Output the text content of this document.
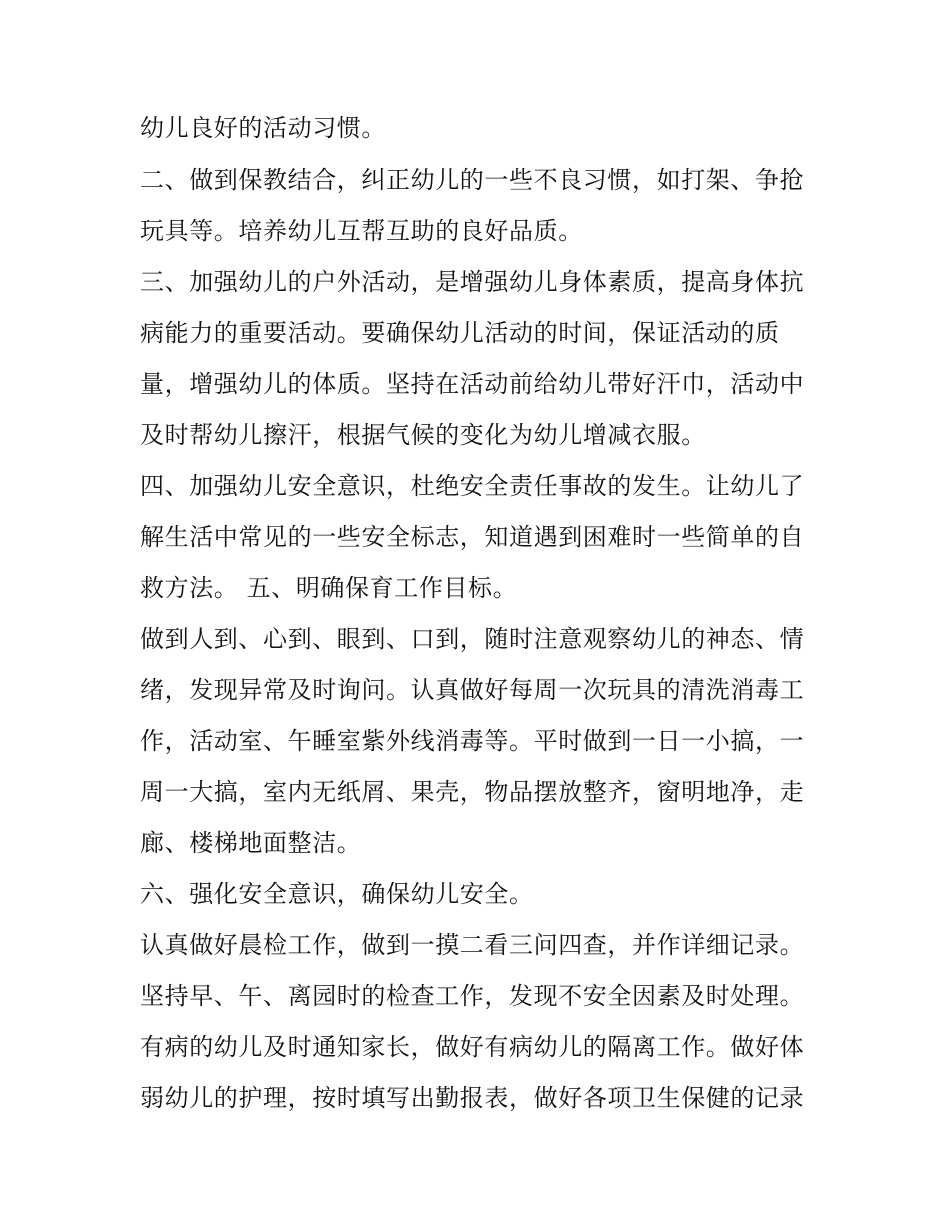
幼儿良好的活动习惯。
二、做到保教结合，纠正幼儿的一些不良习惯，如打架、争抢
玩具等。培养幼儿互帮互助的良好品质。
三、加强幼儿的户外活动，是增强幼儿身体素质，提高身体抗
病能力的重要活动。要确保幼儿活动的时间，保证活动的质
量，增强幼儿的体质。坚持在活动前给幼儿带好汗巾，活动中
及时帮幼儿擦汗，根据气候的变化为幼儿增减衣服。
四、加强幼儿安全意识，杜绝安全责任事故的发生。让幼儿了
解生活中常见的一些安全标志，知道遇到困难时一些简单的自
救方法。 五、明确保育工作目标。
做到人到、心到、眼到、口到，随时注意观察幼儿的神态、情
绪，发现异常及时询问。认真做好每周一次玩具的清洗消毒工
作，活动室、午睡室紫外线消毒等。平时做到一日一小搞，一
周一大搞，室内无纸屑、果壳，物品摆放整齐，窗明地净，走
廊、楼梯地面整洁。
六、强化安全意识，确保幼儿安全。
认真做好晨检工作，做到一摸二看三问四查，并作详细记录。
坚持早、午、离园时的检查工作，发现不安全因素及时处理。
有病的幼儿及时通知家长，做好有病幼儿的隔离工作。做好体
弱幼儿的护理，按时填写出勤报表，做好各项卫生保健的记录
